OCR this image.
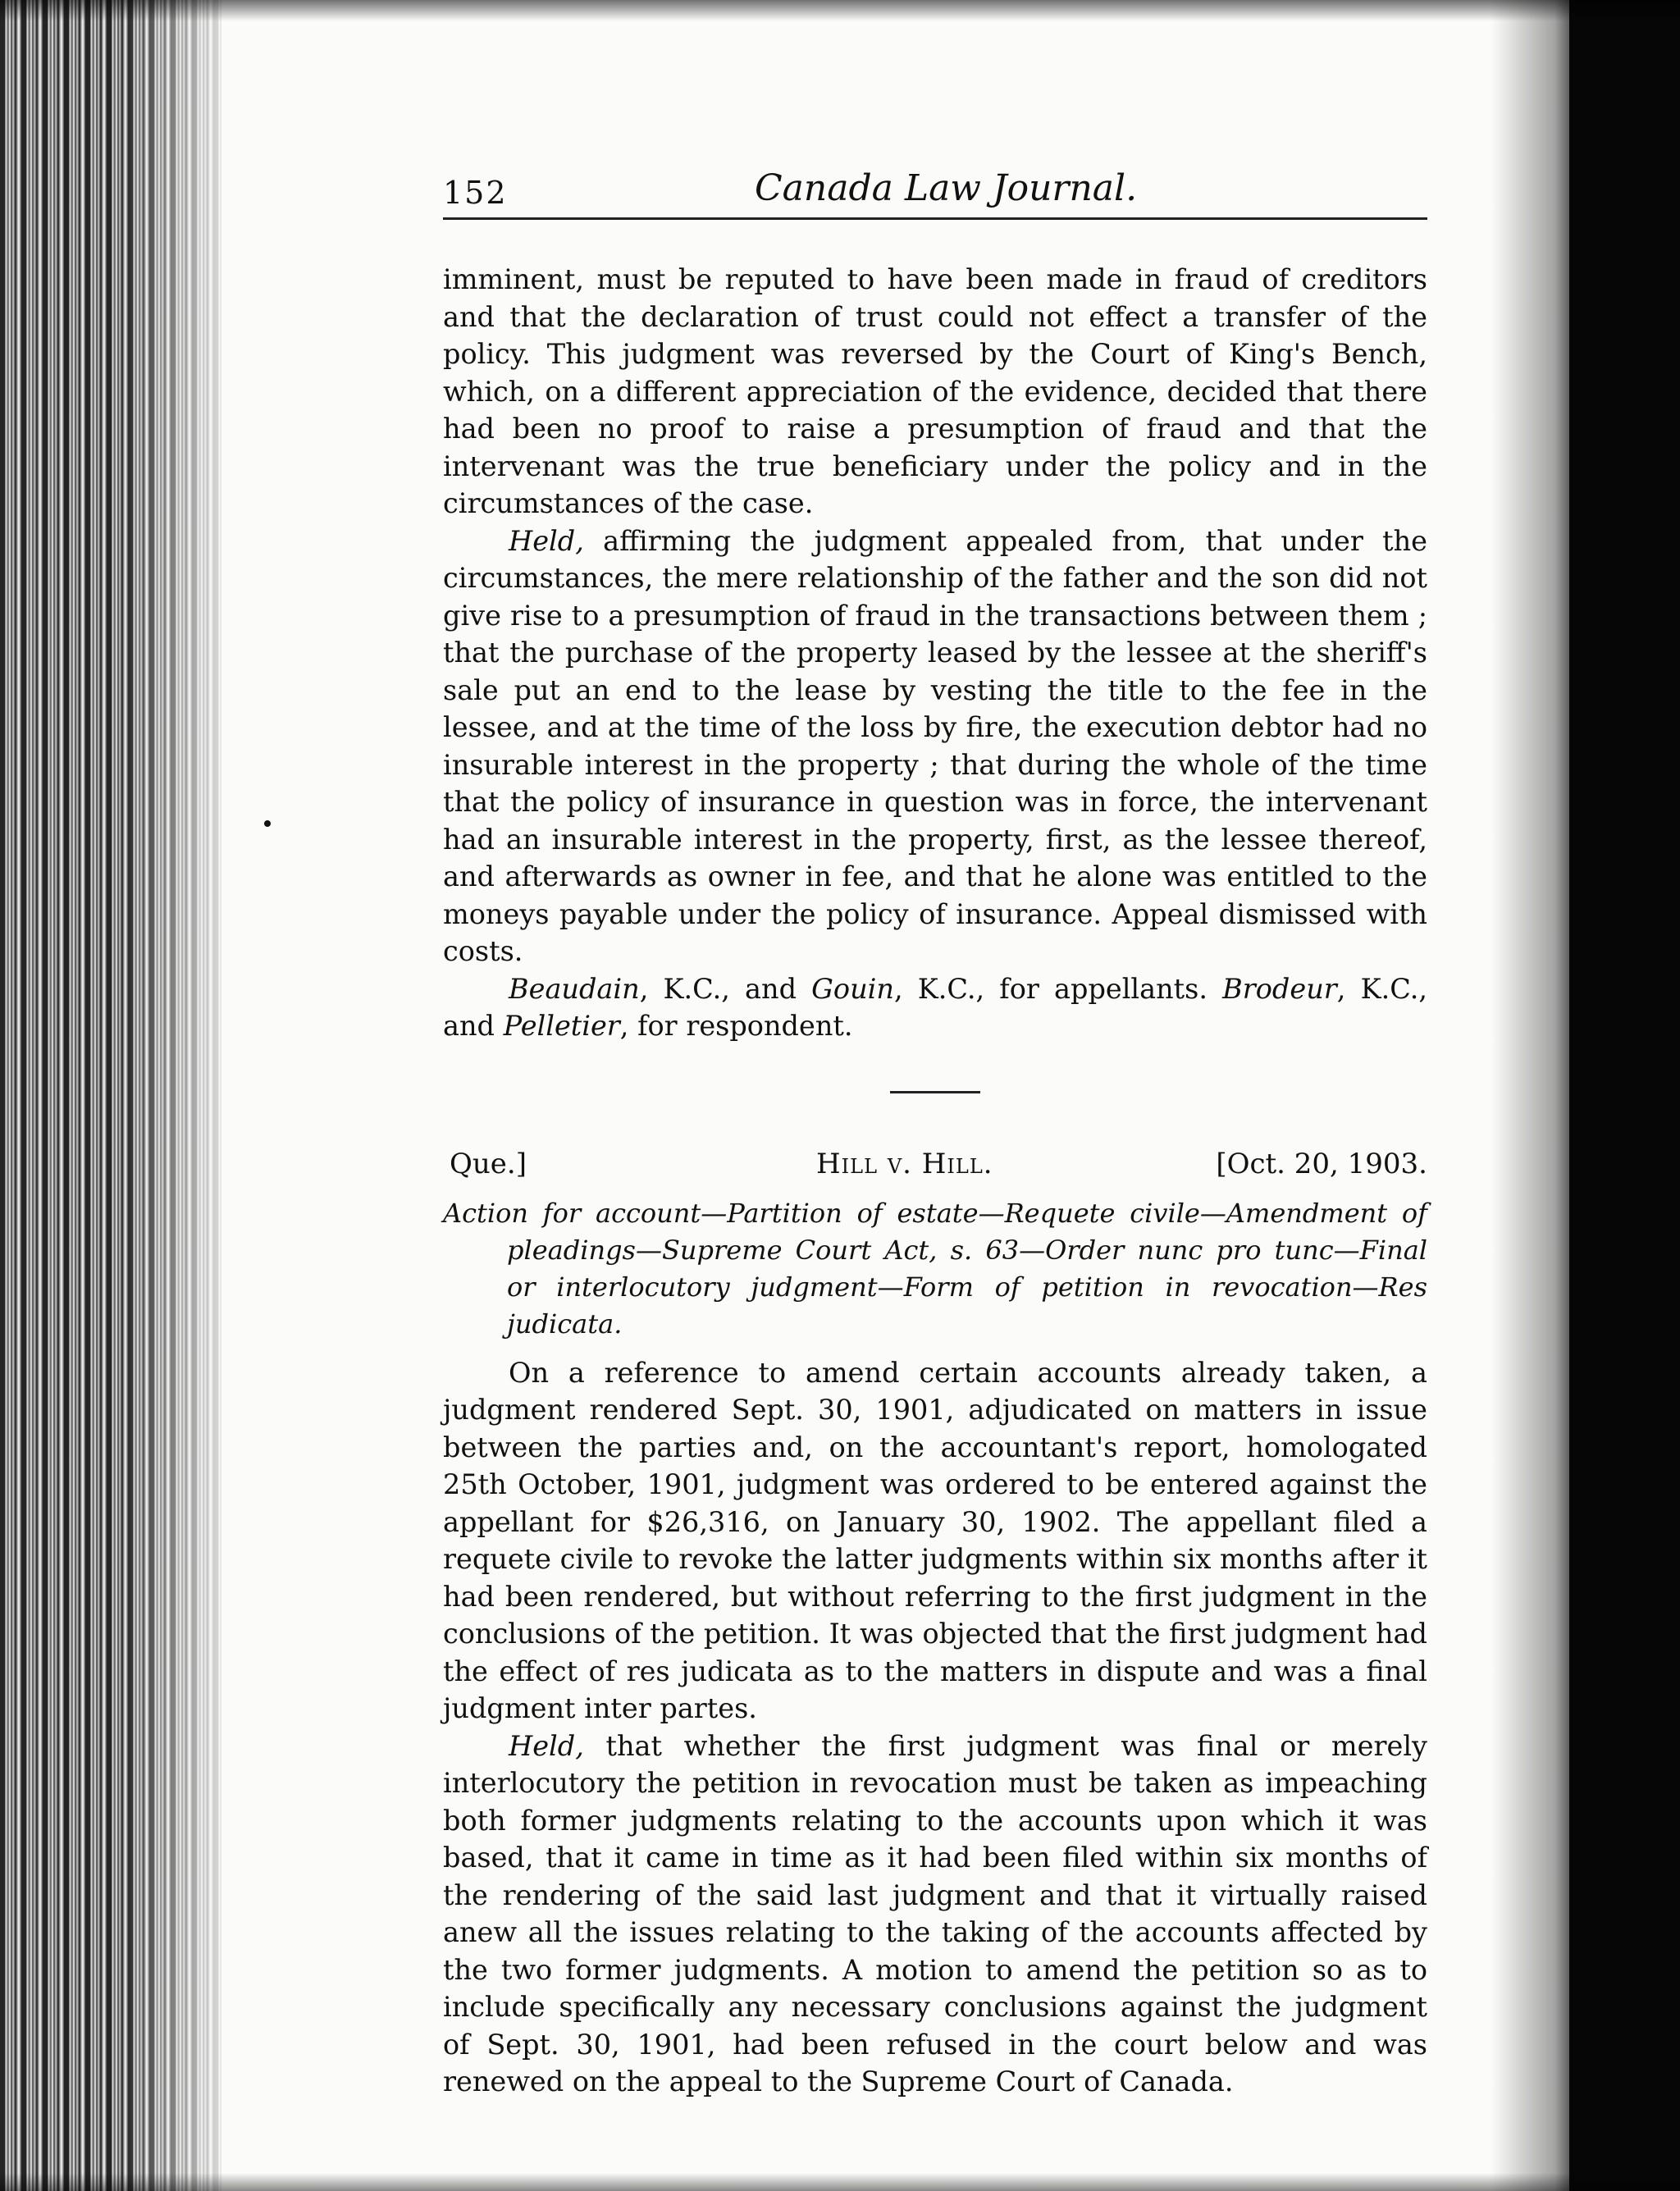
152	Canada Law Journal.

imminent, must be reputed to have been made in fraud of creditors and that the declaration of trust could not effect a transfer of the policy. This judgment was reversed by the Court of King's Bench, which, on a different appreciation of the evidence, decided that there had been no proof to raise a presumption of fraud and that the intervenant was the true beneficiary under the policy and in the circumstances of the case.

Held, affirming the judgment appealed from, that under the circumstances, the mere relationship of the father and the son did not give rise to a presumption of fraud in the transactions between them ; that the purchase of the property leased by the lessee at the sheriff's sale put an end to the lease by vesting the title to the fee in the lessee, and at the time of the loss by fire, the execution debtor had no insurable interest in the property ; that during the whole of the time that the policy of insurance in question was in force, the intervenant had an insurable interest in the property, first, as the lessee thereof, and afterwards as owner in fee, and that he alone was entitled to the moneys payable under the policy of insurance. Appeal dismissed with costs.

Beaudain, K.C., and Gouin, K.C., for appellants. Brodeur, K.C., and Pelletier, for respondent.

Que.]	Hill v. Hill.	[Oct. 20, 1903.

Action for account—Partition of estate—Requete civile—Amendment of pleadings—Supreme Court Act, s. 63—Order nunc pro tunc—Final or interlocutory judgment—Form of petition in revocation—Res judicata.

On a reference to amend certain accounts already taken, a judgment rendered Sept. 30, 1901, adjudicated on matters in issue between the parties and, on the accountant's report, homologated 25th October, 1901, judgment was ordered to be entered against the appellant for $26,316, on January 30, 1902. The appellant filed a requete civile to revoke the latter judgments within six months after it had been rendered, but without referring to the first judgment in the conclusions of the petition. It was objected that the first judgment had the effect of res judicata as to the matters in dispute and was a final judgment inter partes.

Held, that whether the first judgment was final or merely interlocutory the petition in revocation must be taken as impeaching both former judgments relating to the accounts upon which it was based, that it came in time as it had been filed within six months of the rendering of the said last judgment and that it virtually raised anew all the issues relating to the taking of the accounts affected by the two former judgments. A motion to amend the petition so as to include specifically any necessary conclusions against the judgment of Sept. 30, 1901, had been refused in the court below and was renewed on the appeal to the Supreme Court of Canada.
